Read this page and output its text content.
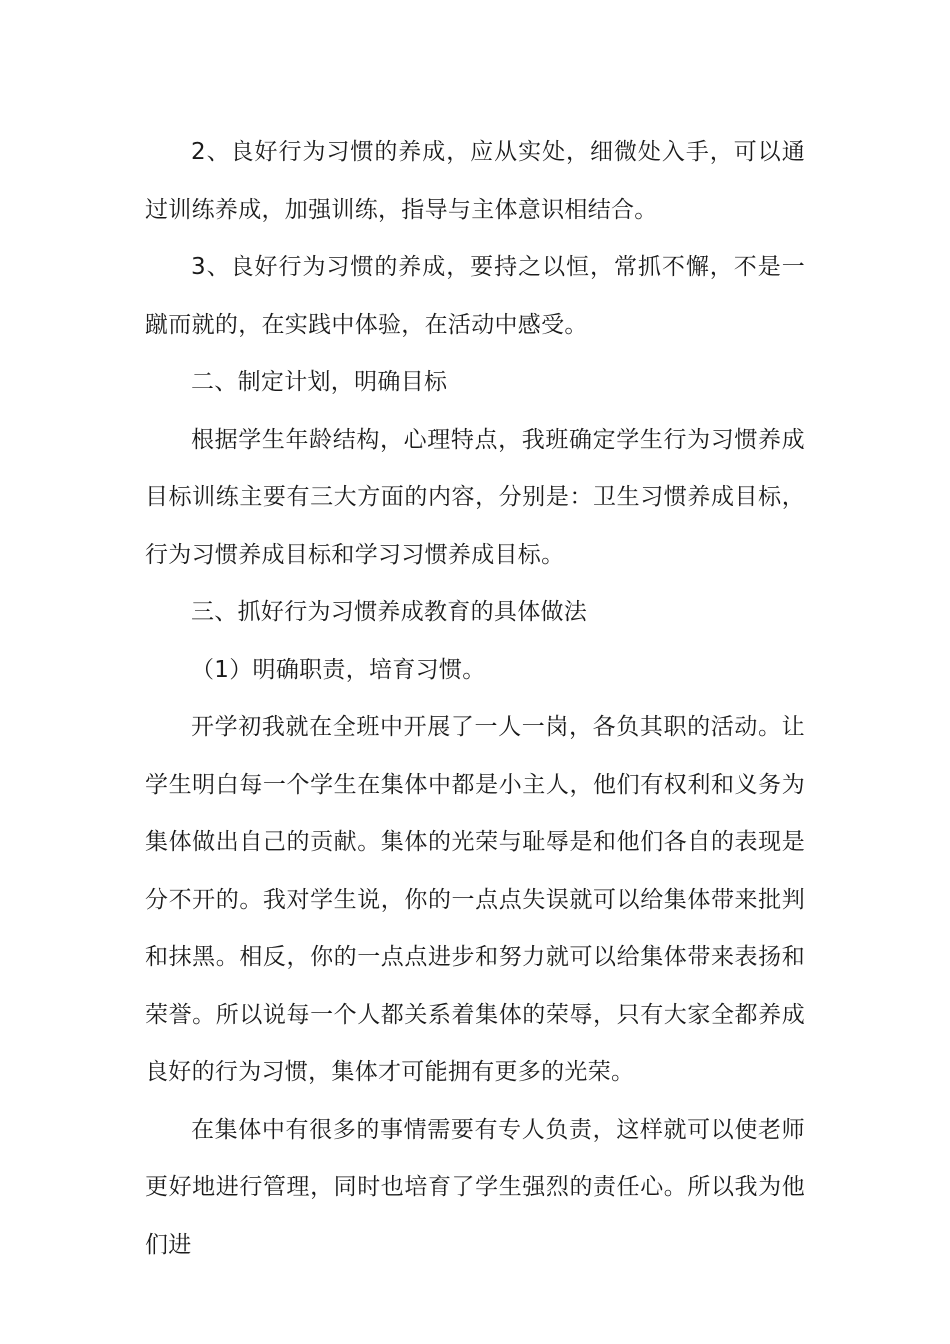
2、良好行为习惯的养成，应从实处，细微处入手，可以通过训练养成，加强训练，指导与主体意识相结合。

3、良好行为习惯的养成，要持之以恒，常抓不懈，不是一蹴而就的，在实践中体验，在活动中感受。

二、制定计划，明确目标

根据学生年龄结构，心理特点，我班确定学生行为习惯养成目标训练主要有三大方面的内容，分别是：卫生习惯养成目标，行为习惯养成目标和学习习惯养成目标。

三、抓好行为习惯养成教育的具体做法

（1）明确职责，培育习惯。

开学初我就在全班中开展了一人一岗，各负其职的活动。让学生明白每一个学生在集体中都是小主人，他们有权利和义务为集体做出自己的贡献。集体的光荣与耻辱是和他们各自的表现是分不开的。我对学生说，你的一点点失误就可以给集体带来批判和抹黑。相反，你的一点点进步和努力就可以给集体带来表扬和荣誉。所以说每一个人都关系着集体的荣辱，只有大家全都养成良好的行为习惯，集体才可能拥有更多的光荣。

在集体中有很多的事情需要有专人负责，这样就可以使老师更好地进行管理，同时也培育了学生强烈的责任心。所以我为他们进
